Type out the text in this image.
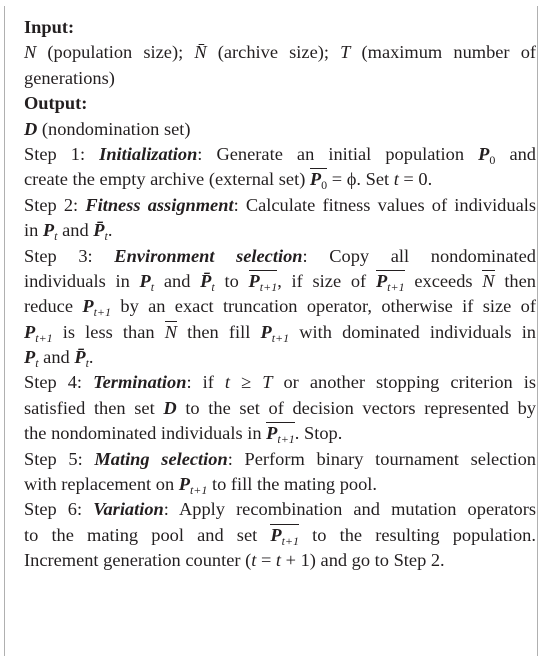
Input:
N (population size); N̄ (archive size); T (maximum number of
generations)
Output:
D (nondomination set)
Step 1: Initialization: Generate an initial population $P_0$ and
create the empty archive (external set) $P_0 = \phi$. Set t = 0.
Step 2: Fitness assignment: Calculate fitness values of individuals
in $P_t$ and $P̄_t$.
Step 3: Environment selection: Copy all nondominated
individuals in $P_t$ and $P̄_t$ to $P_{t+1}$, if size of $P_{t+1}$ exceeds N then
reduce $P_{t+1}$ by an exact truncation operator, otherwise if size of
$P_{t+1}$ is less than N then fill $P_{t+1}$ with dominated individuals in
$P_t$ and $P̄_t$.
Step 4: Termination: if t ≥ T or another stopping criterion is
satisfied then set D to the set of decision vectors represented by
the nondominated individuals in $P_{t+1}$. Stop.
Step 5: Mating selection: Perform binary tournament selection
with replacement on $P_{t+1}$ to fill the mating pool.
Step 6: Variation: Apply recombination and mutation operators
to the mating pool and set $P_{t+1}$ to the resulting population.
Increment generation counter (t = t + 1) and go to Step 2.
